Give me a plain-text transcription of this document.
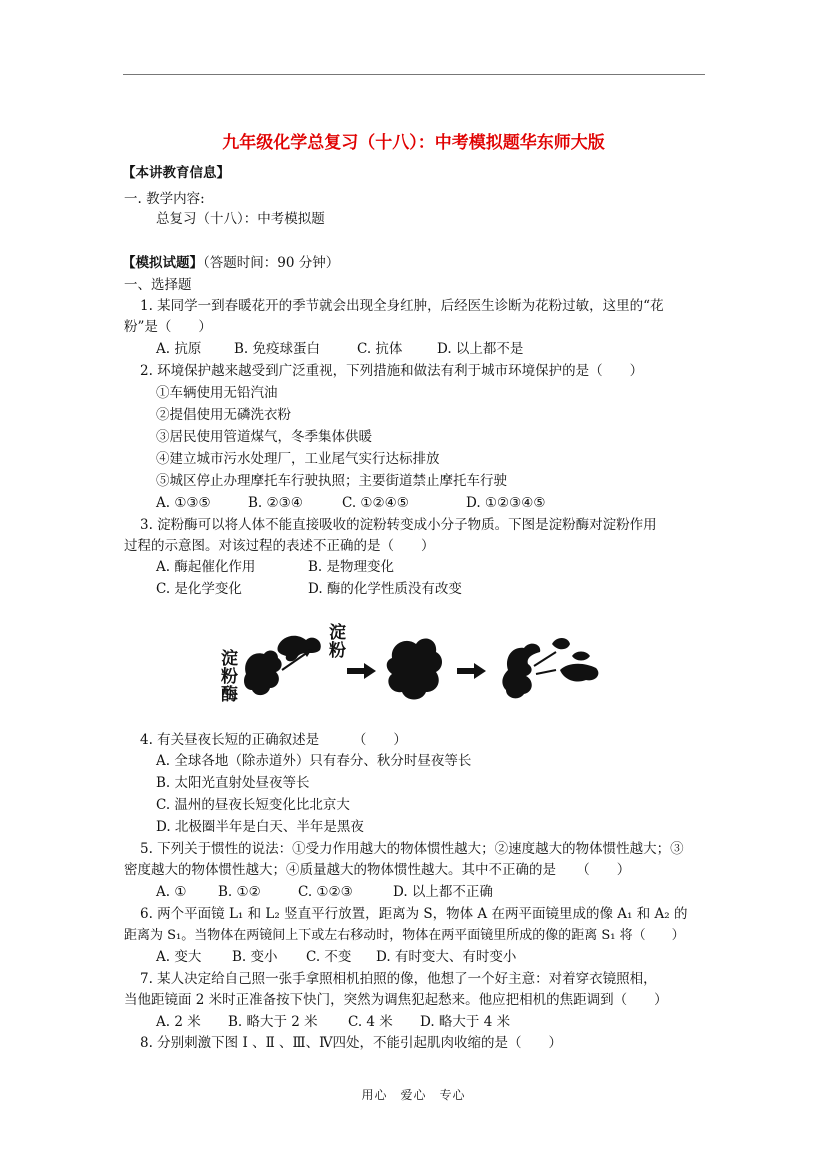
九年级化学总复习（十八）：中考模拟题华东师大版
【本讲教育信息】
一. 教学内容:
总复习（十八）：中考模拟题
【模拟试题】（答题时间：90 分钟）
一、选择题
1. 某同学一到春暖花开的季节就会出现全身红肿，后经医生诊断为花粉过敏，这里的“花
粉”是（　　）
A. 抗原 B. 免疫球蛋白	C. 抗体	D. 以上都不是
2. 环境保护越来越受到广泛重视，下列措施和做法有利于城市环境保护的是（　　）
①车辆使用无铅汽油
②提倡使用无磷洗衣粉
③居民使用管道煤气，冬季集体供暖
④建立城市污水处理厂，工业尾气实行达标排放
⑤城区停止办理摩托车行驶执照；主要街道禁止摩托车行驶
A. ①③⑤	B. ②③④	C. ①②④⑤	D. ①②③④⑤
3. 淀粉酶可以将人体不能直接吸收的淀粉转变成小分子物质。下图是淀粉酶对淀粉作用
过程的示意图。对该过程的表述不正确的是（　　）
A. 酶起催化作用	B. 是物理变化
C. 是化学变化	D. 酶的化学性质没有改变
淀
粉
酶
淀
粉
4. 有关昼夜长短的正确叙述是　　　（　　）
A. 全球各地（除赤道外）只有春分、秋分时昼夜等长
B. 太阳光直射处昼夜等长
C. 温州的昼夜长短变化比北京大
D. 北极圈半年是白天、半年是黑夜
5. 下列关于惯性的说法：①受力作用越大的物体惯性越大；②速度越大的物体惯性越大；③
密度越大的物体惯性越大；④质量越大的物体惯性越大。其中不正确的是　　（　　）
A. ① B. ①②	C. ①②③	D. 以上都不正确
6. 两个平面镜 L₁ 和 L₂ 竖直平行放置，距离为 S，物体 A 在两平面镜里成的像 A₁ 和 A₂ 的
距离为 S₁。当物体在两镜间上下或左右移动时，物体在两平面镜里所成的像的距离 S₁ 将（　　）
A. 变大 B. 变小 C. 不变 D. 有时变大、有时变小
7. 某人决定给自己照一张手拿照相机拍照的像，他想了一个好主意：对着穿衣镜照相，
当他距镜面 2 米时正准备按下快门，突然为调焦犯起愁来。他应把相机的焦距调到（　　）
A. 2 米 B. 略大于 2 米 C. 4 米 D. 略大于 4 米
8. 分别刺激下图 Ⅰ 、Ⅱ 、Ⅲ、Ⅳ四处，不能引起肌肉收缩的是（　　）
用心　爱心　专心
